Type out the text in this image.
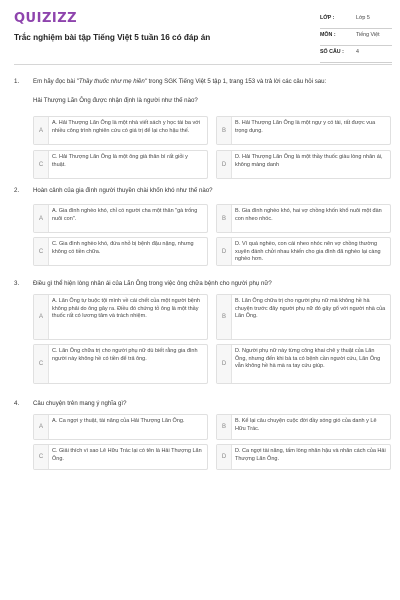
QUIZIZZ
Trắc nghiệm bài tập Tiếng Việt 5 tuần 16 có đáp án
LỚP :	Lớp 5
MÔN :	Tiếng Việt
SỐ CÂU : 4
1. Em hãy đọc bài "Thầy thuốc như mẹ hiền" trong SGK Tiếng Việt 5 tập 1, trang 153 và trả lời các câu hỏi sau:
Hải Thượng Lãn Ông được nhận định là người như thế nào?
A
A. Hải Thượng Lãn Ông là một nhà viết sách y học tài ba với nhiều công trình nghiên cứu có giá trị để lại cho hậu thế.	B
B. Hải Thượng Lãn Ông là một ngự y có tài, rất được vua trọng dụng.
C
C. Hải Thượng Lãn Ông là một ông già thân bì rất giỏi y thuật.	D
D. Hải Thượng Lãn Ông là một thầy thuốc giàu lòng nhân ái, không màng danh
2. Hoàn cảnh của gia đình người thuyền chài khốn khó như thế nào?
A
A. Gia đình nghèo khó, chỉ có người cha một thân "gà trống nuôi con".	B
B. Gia đình nghèo khó, hai vợ chồng khốn khổ nuôi một đàn con nheo nhóc.
C
C. Gia đình nghèo khó, đứa nhỏ bị bệnh đậu nặng, nhưng không có tiền chữa.	D
D. Vì quá nghèo, con cái nheo nhóc nên vợ chồng thường xuyên đánh chửi nhau khiến cho gia đình đã nghèo lại càng nghèo hơn.
3. Điều gì thể hiện lòng nhân ái của Lãn Ông trong việc ông chữa bệnh cho người phụ nữ?
A
A. Lãn Ông tự buộc tội mình về cái chết của một người bệnh không phải do ông gây ra. Điều đó chứng tỏ ông là một thầy thuốc rất có lương tâm và trách nhiệm.	B
B. Lãn Ông chữa trị cho người phụ nữ mà không hề hà chuyện trước đây người phụ nữ đó gây gổ với người nhà của Lãn Ông.
C
C. Lãn Ông chữa trị cho người phụ nữ dù biết rằng gia đình người này không hề có tiền để trả ông.
D
D. Người phụ nữ này từng công khai chê y thuật của Lãn Ông, nhưng đến khi bà ta có bệnh cần người cứu, Lãn Ông vẫn không hề hà mà ra tay cứu giúp.
4. Câu chuyện trên mang ý nghĩa gì?
A
A. Ca ngợi y thuật, tài năng của Hải Thượng Lãn Ông.
B
B. Kể lại câu chuyện cuộc đời đầy sóng gió của danh y Lê Hữu Trác.
C
C. Giải thích vì sao Lê Hữu Trác lại có tên là Hải Thượng Lãn Ông.	D
D. Ca ngợi tài năng, tấm lòng nhân hậu và nhân cách của Hải Thượng Lãn Ông.
